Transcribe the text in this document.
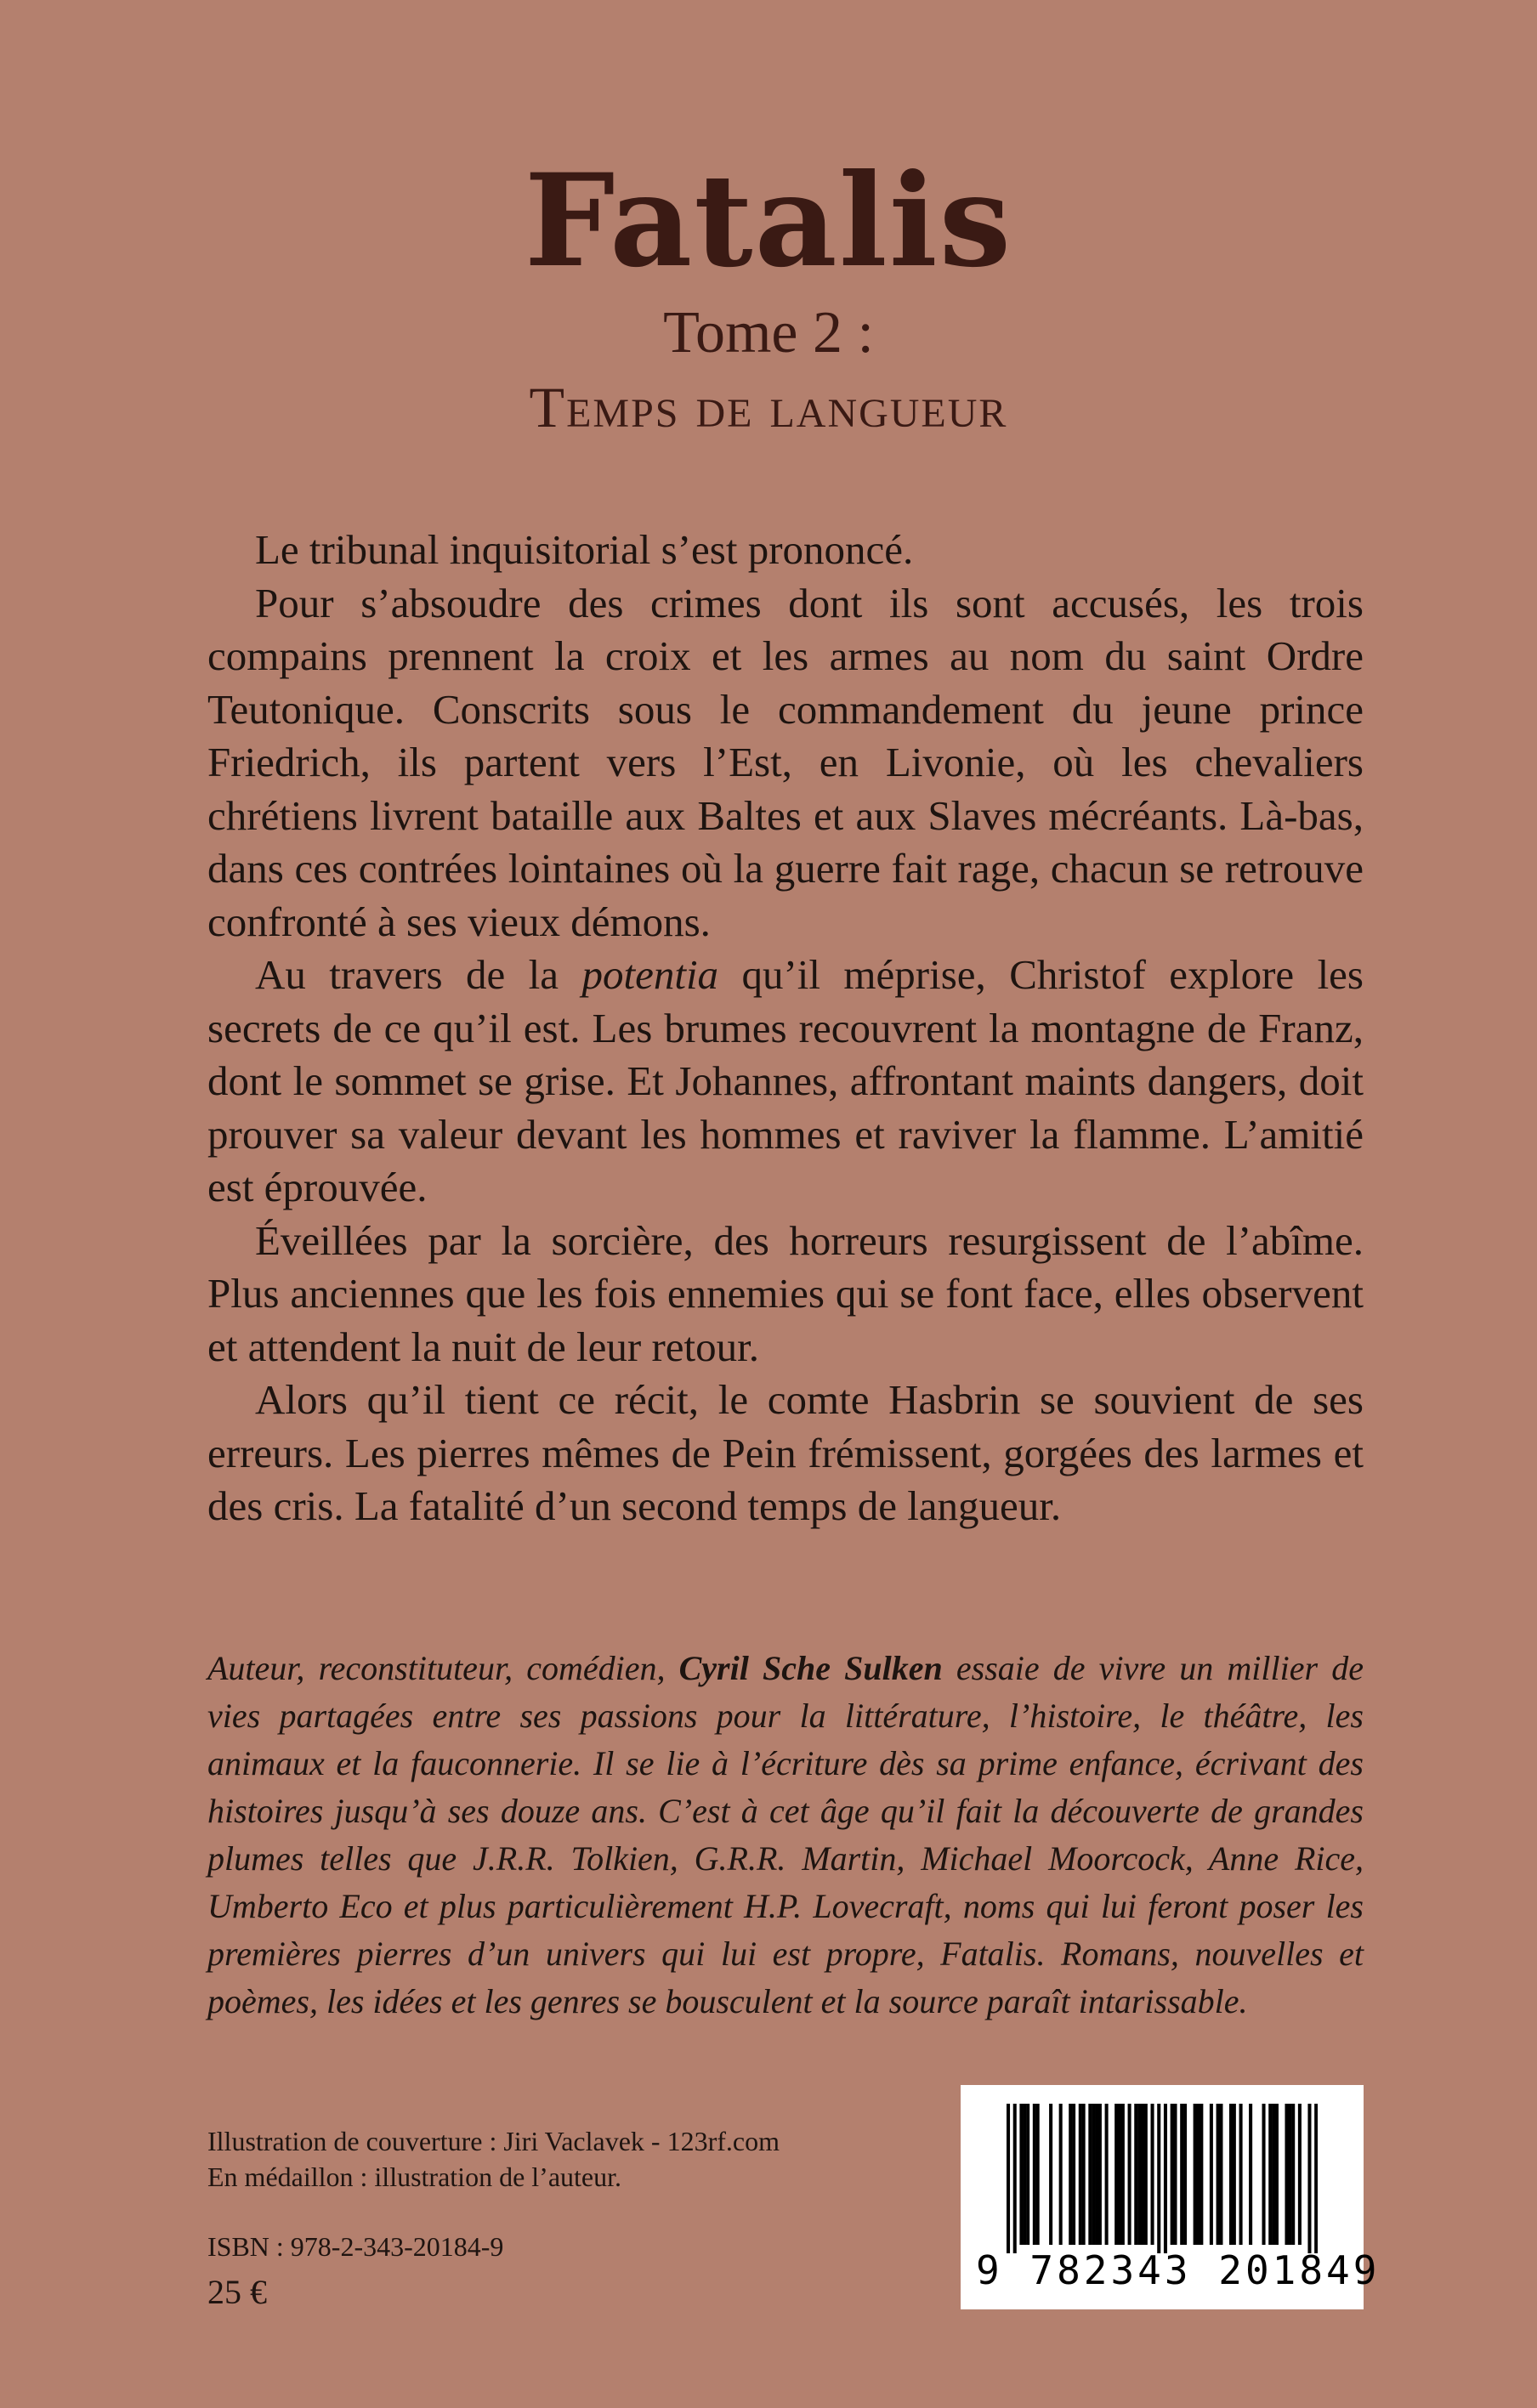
Fatalis
Tome 2 :
Temps de langueur

Le tribunal inquisitorial s’est prononcé.

Pour s’absoudre des crimes dont ils sont accusés, les trois compains prennent la croix et les armes au nom du saint Ordre Teutonique. Conscrits sous le commandement du jeune prince Friedrich, ils partent vers l’Est, en Livonie, où les chevaliers chrétiens livrent bataille aux Baltes et aux Slaves mécréants. Là-bas, dans ces contrées lointaines où la guerre fait rage, chacun se retrouve confronté à ses vieux démons.

Au travers de la potentia qu’il méprise, Christof explore les secrets de ce qu’il est. Les brumes recouvrent la montagne de Franz, dont le sommet se grise. Et Johannes, affrontant maints dangers, doit prouver sa valeur devant les hommes et raviver la flamme. L’amitié est éprouvée.

Éveillées par la sorcière, des horreurs resurgissent de l’abîme. Plus anciennes que les fois ennemies qui se font face, elles observent et attendent la nuit de leur retour.

Alors qu’il tient ce récit, le comte Hasbrin se souvient de ses erreurs. Les pierres mêmes de Pein frémissent, gorgées des larmes et des cris. La fatalité d’un second temps de langueur.

Auteur, reconstituteur, comédien, Cyril Sche Sulken essaie de vivre un millier de vies partagées entre ses passions pour la littérature, l’histoire, le théâtre, les animaux et la fauconnerie. Il se lie à l’écriture dès sa prime enfance, écrivant des histoires jusqu’à ses douze ans. C’est à cet âge qu’il fait la découverte de grandes plumes telles que J.R.R. Tolkien, G.R.R. Martin, Michael Moorcock, Anne Rice, Umberto Eco et plus particulièrement H.P. Lovecraft, noms qui lui feront poser les premières pierres d’un univers qui lui est propre, Fatalis. Romans, nouvelles et poèmes, les idées et les genres se bousculent et la source paraît intarissable.

Illustration de couverture : Jiri Vaclavek - 123rf.com
En médaillon : illustration de l’auteur.
ISBN : 978-2-343-20184-9
25 €	9 782343 201849
